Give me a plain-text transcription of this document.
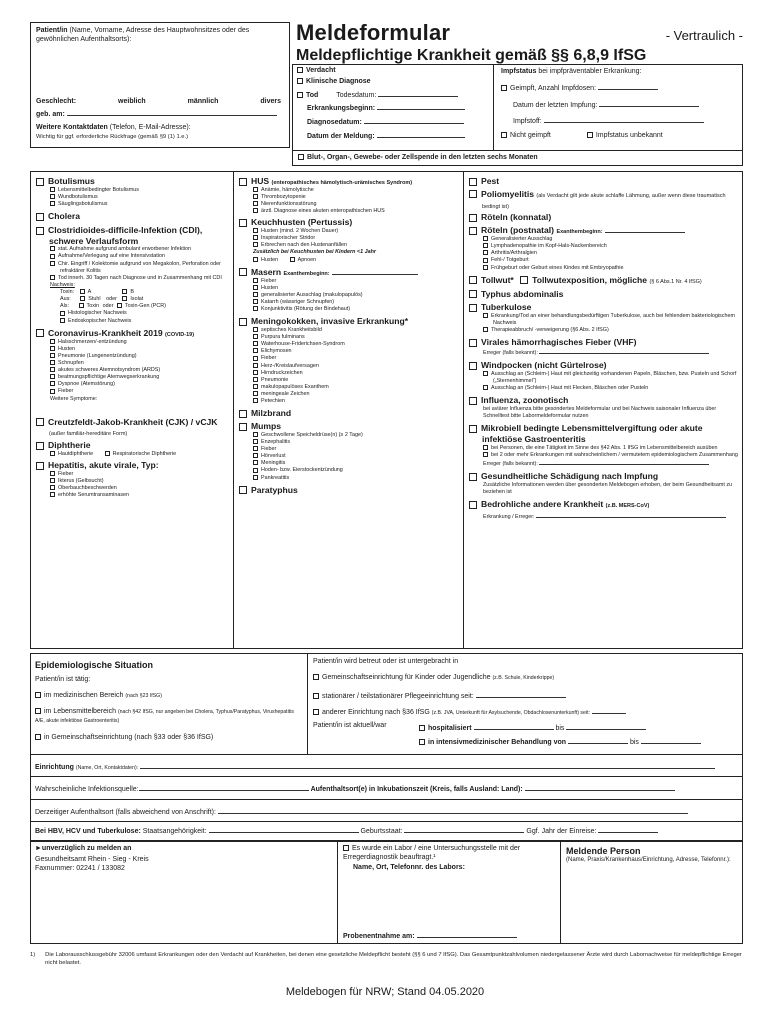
Patient/in (Name, Vorname, Adresse des Hauptwohnsitzes oder des gewöhnlichen Aufenthaltsorts):
Geschlecht:	weiblich	männlich	divers
geb. am:
Weitere Kontaktdaten (Telefon, E-Mail-Adresse):
Wichtig für ggf. erforderliche Rückfrage (gemäß §9 (1) 1.e.)
Meldeformular	- Vertraulich -
Meldepflichtige Krankheit gemäß §§ 6,8,9 IfSG
Verdacht
Klinische Diagnose
Tod	Todesdatum:
Erkrankungsbeginn:
Diagnosedatum:
Datum der Meldung:
Impfstatus bei impfpräventabler Erkrankung:
Geimpft, Anzahl Impfdosen:
Datum der letzten Impfung:
Impfstoff:
Nicht geimpft	Impfstatus unbekannt
Blut-, Organ-, Gewebe- oder Zellspende in den letzten sechs Monaten
Botulismus
Lebensmittelbedingter Botulismus
Wundbotulismus
Säuglingsbotulismus
Cholera
Clostridioides-difficile-Infektion (CDI), schwere Verlaufsform
stat. Aufnahme aufgrund ambulant erworbener Infektion
Aufnahme/Verlegung auf eine Intensivstation
Chir. Eingriff / Kolektomie aufgrund von Megakolon, Perforation oder refraktärer Kolitis
Tod innerh. 30 Tagen nach Diagnose und in Zusammenhang mit CDI
Nachweis:
Toxin:	A	B
Aus:	Stuhl oder	Isolat
Als:	Toxin oder Toxin-Gen (PCR)
Histologischer Nachweis
Endoskopischer Nachweis
Coronavirus-Krankheit 2019 (COVID-19)
Halsschmerzen/-entzündung
Husten
Pneumonie (Lungenentzündung)
Schnupfen
akutes schweres Atemnotsyndrom (ARDS)
beatmungspflichtige Atemwegserkrankung
Dyspnoe (Atemstörung)
Fieber
Weitere Symptome:
Creutzfeldt-Jakob-Krankheit (CJK) / vCJK (außer familiär-hereditäre Form)
Diphtherie
Hautdiphtherie	Respiratorische Diphtherie
Hepatitis, akute virale, Typ:
Fieber
Ikterus (Gelbsucht)
Oberbauchbeschwerden
erhöhte Serumtransaminasen
HUS (enteropathisches hämolytisch-urämisches Syndrom)
Anämie, hämolytische
Thrombozytopenie
Nierenfunktionsstörung
ärztl. Diagnose eines akuten enteropathischen HUS
Keuchhusten (Pertussis)
Husten (mind. 2 Wochen Dauer)
Inspiratorischer Stridor
Erbrechen nach den Hustenanfällen
Zusätzlich bei Keuchhusten bei Kindern <1 Jahr
Husten	Apnoen
Masern Exanthembeginn:
Fieber
Husten
generalisierter Ausschlag (makulopapulös)
Katarrh (wässriger Schnupfen)
Konjunktivitis (Rötung der Bindehaut)
Meningokokken, invasive Erkrankung*
septisches Krankheitsbild
Purpura fulminans
Waterhouse-Friderichsen-Syndrom
Elichymosen
Fieber
Herz-/Kreislaufversagen
Hirndruckzeichen
Pneumonie
makulopapulöses Exanthem
meningeale Zeichen
Petechien
Milzbrand
Mumps
Geschwollene Speicheldrüse(n) (≥ 2 Tage)
Enzephalitis
Fieber
Hörverlust
Meningitis
Hoden- bzw. Eierstockentzündung
Pankreatitis
Paratyphus
Pest
Poliomyelitis (als Verdacht gilt jede akute schlaffe Lähmung, außer wenn diese traumatisch bedingt ist)
Röteln (konnatal)
Röteln (postnatal) Exanthembeginn:
Generalisierter Ausschlag
Lymphadenopathie im Kopf-Hals-Nackenbereich
Arthritis/Arthralgien
Fehl-/ Totgeburt
Frühgeburt oder Geburt eines Kindes mit Embryopathie
Tollwut* Tollwutexposition, mögliche (§ 6 Abs.1 Nr. 4 IfSG)
Typhus abdominalis
Tuberkulose
Erkrankung/Tod an einer behandlungsbedürftigen Tuberkulose, auch bei fehlendem bakteriologischem Nachweis
Therapieabbruch/ -verweigerung (§6 Abs. 2 IfSG)
Virales hämorrhagisches Fieber (VHF)
Erreger (falls bekannt):
Windpocken (nicht Gürtelrose)
Ausschlag an (Schleim-) Haut mit gleichzeitig vorhandenen Papeln, Bläschen, bzw. Pusteln und Schorf („Sternenhimmel“)
Ausschlag an (Schleim-) Haut mit Flecken, Bläschen oder Pusteln
Influenza, zoonotisch
bei aviärer Influenza bitte gesondertes Meldeformular und bei Nachweis saisonaler Influenza über Schnelltest bitte Labormeldeformular nutzen
Mikrobiell bedingte Lebensmittelvergiftung oder akute infektiöse Gastroenteritis
bei Personen, die eine Tätigkeit im Sinne des §42 Abs. 1 IfSG im Lebensmittelbereich ausüben
bei 2 oder mehr Erkrankungen mit wahrscheinlichem / vermutetem epidemiologischem Zusammenhang
Erreger (falls bekannt):
Gesundheitliche Schädigung nach Impfung
Zusätzliche Informationen werden über gesonderten Meldebogen erhoben, der beim Gesundheitsamt zu beziehen ist
Bedrohliche andere Krankheit (z.B. MERS-CoV)
Erkrankung / Erreger:
Epidemiologische Situation
Patient/in ist tätig:
im medizinischen Bereich (nach §23 IfSG)
im Lebensmittelbereich (nach §42 IfSG, nur angeben bei Cholera, Typhus/Paratyphus, Virushepatitis A/E, akute infektiöse Gastroenteritis)
in Gemeinschaftseinrichtung (nach §33 oder §36 IfSG)
Patient/in wird betreut oder ist untergebracht in
Gemeinschaftseinrichtung für Kinder oder Jugendliche (z.B. Schule, Kinderkrippe)
stationärer / teilstationärer Pflegeeinrichtung seit:
anderer Einrichtung nach §36 IfSG (z.B. JVA, Unterkunft für Asylsuchende, Obdachlosenunterkunft) seit:
Patient/in ist aktuell/war	hospitalisiert	bis
in intensivmedizinischer Behandlung von	bis
Einrichtung (Name, Ort, Kontaktdaten):
Wahrscheinliche Infektionsquelle:	Aufenthaltsort(e) in Inkubationszeit (Kreis, falls Ausland: Land):
Derzeitiger Aufenthaltsort (falls abweichend von Anschrift):
Bei HBV, HCV und Tuberkulose: Staatsangehörigkeit:	Geburtsstaat:	Ggf. Jahr der Einreise:
►unverzüglich zu melden an
Gesundheitsamt Rhein - Sieg - Kreis
Faxnummer: 02241 / 133082
Es wurde ein Labor / eine Untersuchungsstelle mit der Erregerdiagnostik beauftragt.¹
Name, Ort, Telefonnr. des Labors:
Probenentnahme am:
Meldende Person
(Name, Praxis/Krankenhaus/Einrichtung, Adresse, Telefonnr.):
1) Die Laborausschlussgebühr 32006 umfasst Erkrankungen oder den Verdacht auf Krankheiten, bei denen eine gesetzliche Meldepflicht besteht (§§ 6 und 7 IfSG). Das Gesamtpunktzahlvolumen niedergelassener Ärzte wird durch Labornachweise für meldepflichtige Erreger nicht belastet.
Meldebogen für NRW; Stand 04.05.2020
